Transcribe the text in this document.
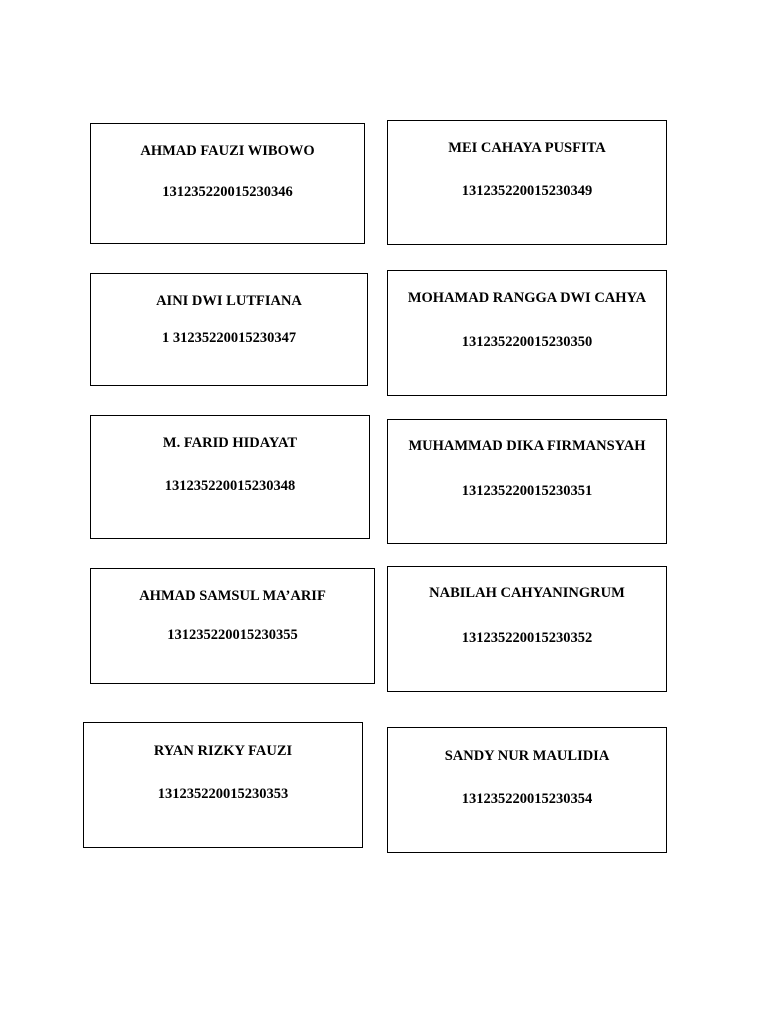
AHMAD FAUZI WIBOWO
131235220015230346
MEI CAHAYA PUSFITA
131235220015230349
AINI DWI LUTFIANA
1 31235220015230347
MOHAMAD RANGGA DWI CAHYA
131235220015230350
M. FARID HIDAYAT
131235220015230348
MUHAMMAD DIKA FIRMANSYAH
131235220015230351
AHMAD SAMSUL MA’ARIF
131235220015230355
NABILAH CAHYANINGRUM
131235220015230352
RYAN RIZKY FAUZI
131235220015230353
SANDY NUR MAULIDIA
131235220015230354
